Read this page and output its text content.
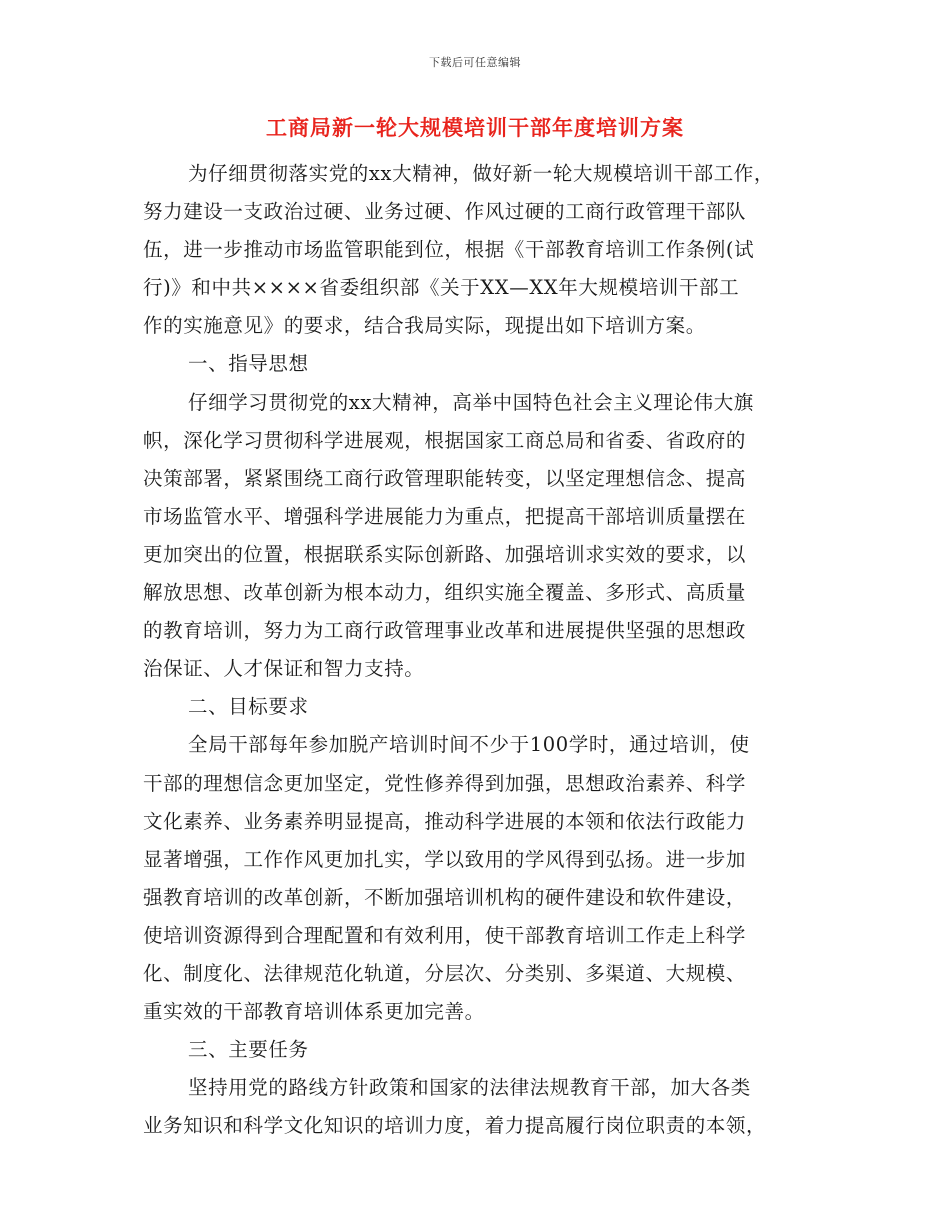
下载后可任意编辑
工商局新一轮大规模培训干部年度培训方案
为仔细贯彻落实党的xx大精神，做好新一轮大规模培训干部工作，
努力建设一支政治过硬、业务过硬、作风过硬的工商行政管理干部队
伍，进一步推动市场监管职能到位，根据《干部教育培训工作条例(试
行)》和中共××××省委组织部《关于XX—XX年大规模培训干部工
作的实施意见》的要求，结合我局实际，现提出如下培训方案。
一、指导思想
仔细学习贯彻党的xx大精神，高举中国特色社会主义理论伟大旗
帜，深化学习贯彻科学进展观，根据国家工商总局和省委、省政府的
决策部署，紧紧围绕工商行政管理职能转变，以坚定理想信念、提高
市场监管水平、增强科学进展能力为重点，把提高干部培训质量摆在
更加突出的位置，根据联系实际创新路、加强培训求实效的要求，以
解放思想、改革创新为根本动力，组织实施全覆盖、多形式、高质量
的教育培训，努力为工商行政管理事业改革和进展提供坚强的思想政
治保证、人才保证和智力支持。
二、目标要求
全局干部每年参加脱产培训时间不少于100学时，通过培训，使
干部的理想信念更加坚定，党性修养得到加强，思想政治素养、科学
文化素养、业务素养明显提高，推动科学进展的本领和依法行政能力
显著增强，工作作风更加扎实，学以致用的学风得到弘扬。进一步加
强教育培训的改革创新，不断加强培训机构的硬件建设和软件建设，
使培训资源得到合理配置和有效利用，使干部教育培训工作走上科学
化、制度化、法律规范化轨道，分层次、分类别、多渠道、大规模、
重实效的干部教育培训体系更加完善。
三、主要任务
坚持用党的路线方针政策和国家的法律法规教育干部，加大各类
业务知识和科学文化知识的培训力度，着力提高履行岗位职责的本领，
